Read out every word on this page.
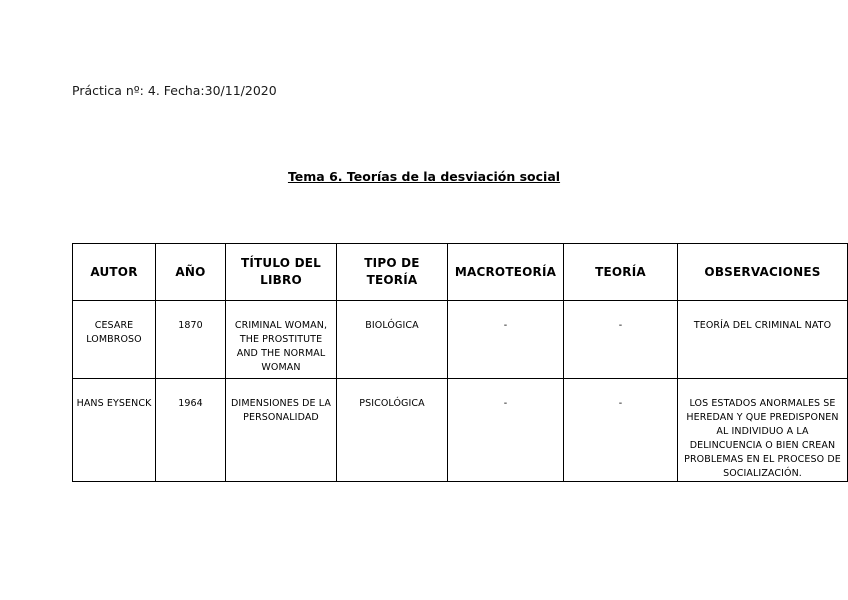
Práctica nº: 4. Fecha:30/11/2020
Tema 6. Teorías de la desviación social
AUTOR	AÑO	TÍTULO DEL LIBRO	TIPO DE TEORÍA	MACROTEORÍA	TEORÍA	OBSERVACIONES
CESARE LOMBROSO	1870	CRIMINAL WOMAN, THE PROSTITUTE AND THE NORMAL WOMAN	BIOLÓGICA	-	-	TEORÍA DEL CRIMINAL NATO
HANS EYSENCK	1964	DIMENSIONES DE LA PERSONALIDAD	PSICOLÓGICA	-	-	LOS ESTADOS ANORMALES SE HEREDAN Y QUE PREDISPONEN AL INDIVIDUO A LA DELINCUENCIA O BIEN CREAN PROBLEMAS EN EL PROCESO DE SOCIALIZACIÓN.
